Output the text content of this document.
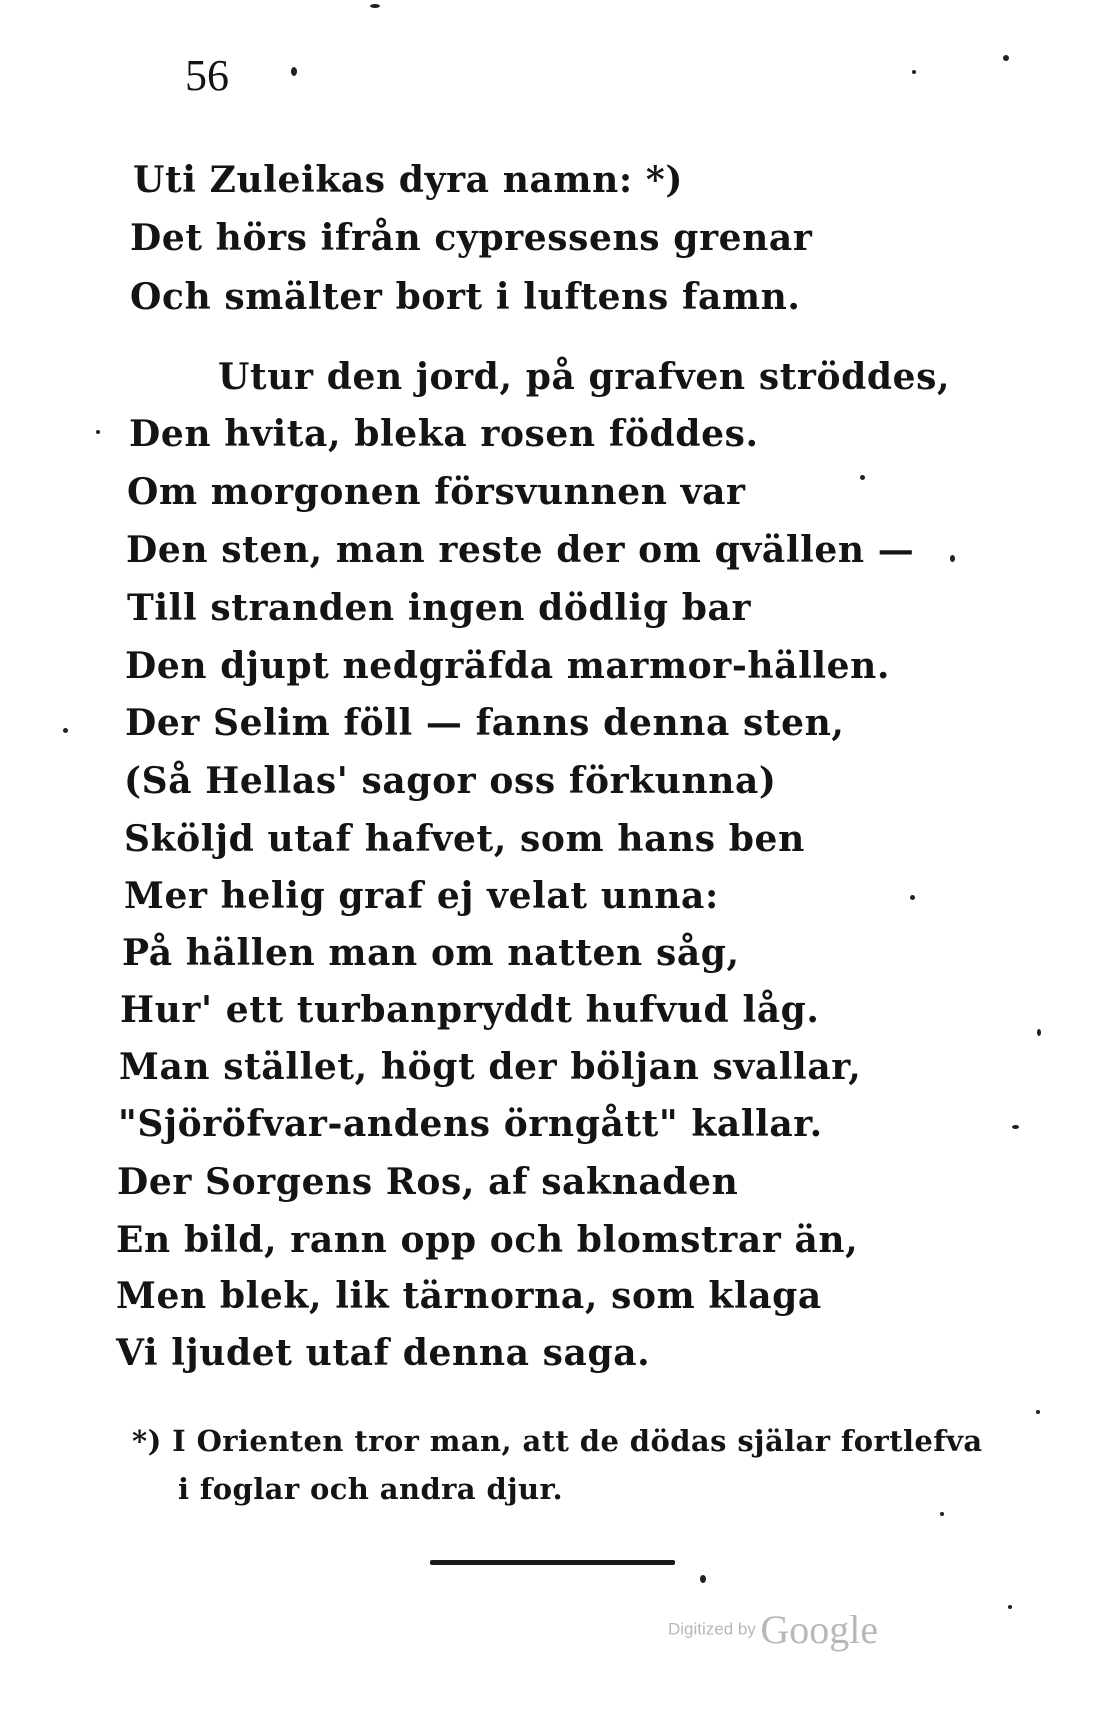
56
Uti Zuleikas dyra namn: *)
Det hörs ifrån cypressens grenar
Och smälter bort i luftens famn.
Utur den jord, på grafven ströddes,
Den hvita, bleka rosen föddes.
Om morgonen försvunnen var
Den sten, man reste der om qvällen —
Till stranden ingen dödlig bar
Den djupt nedgräfda marmor-hällen.
Der Selim föll — fanns denna sten,
(Så Hellas' sagor oss förkunna)
Sköljd utaf hafvet, som hans ben
Mer helig graf ej velat unna:
På hällen man om natten såg,
Hur' ett turbanpryddt hufvud låg.
Man stället, högt der böljan svallar,
"Sjöröfvar-andens örngått" kallar.
Der Sorgens Ros, af saknaden
En bild, rann opp och blomstrar än,
Men blek, lik tärnorna, som klaga
Vi ljudet utaf denna saga.
*) I Orienten tror man, att de dödas själar fortlefva
i foglar och andra djur.
Digitized by Google
